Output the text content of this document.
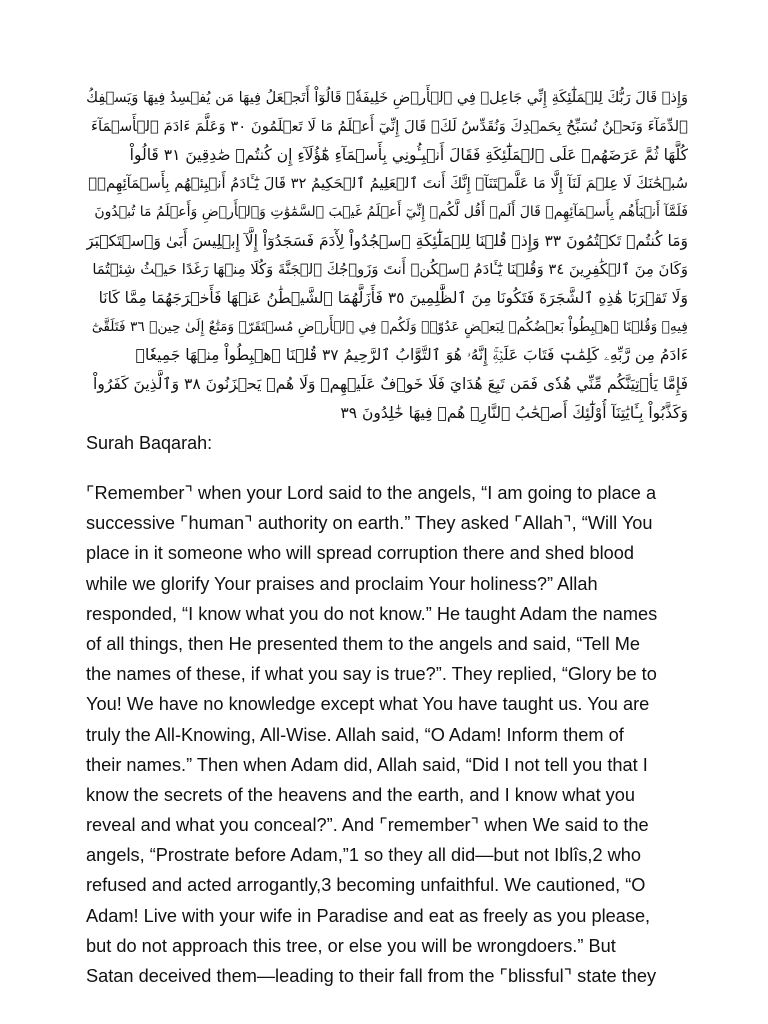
وَإِذۡ قَالَ رَبُّكَ لِلۡمَلَٰٓئِكَةِ إِنِّي جَاعِلٞ فِي ٱلۡأَرۡضِ خَلِيفَةٗۖ قَالُوٓاْ أَتَجۡعَلُ فِيهَا مَن يُفۡسِدُ فِيهَا وَيَسۡفِكُ
ٱلدِّمَآءَ وَنَحۡنُ نُسَبِّحُ بِحَمۡدِكَ وَنُقَدِّسُ لَكَۖ قَالَ إِنِّيٓ أَعۡلَمُ مَا لَا تَعۡلَمُونَ ٣٠ وَعَلَّمَ ءَادَمَ ٱلۡأَسۡمَآءَ
كُلَّهَا ثُمَّ عَرَضَهُمۡ عَلَى ٱلۡمَلَٰٓئِكَةِ فَقَالَ أَنۢبِـُٔونِي بِأَسۡمَآءِ هَٰٓؤُلَآءِ إِن كُنتُمۡ صَٰدِقِينَ ٣١ قَالُواْ
سُبۡحَٰنَكَ لَا عِلۡمَ لَنَآ إِلَّا مَا عَلَّمۡتَنَآۖ إِنَّكَ أَنتَ ٱلۡعَلِيمُ ٱلۡحَكِيمُ ٣٢ قَالَ يَٰٓـَٔادَمُ أَنۢبِئۡهُم بِأَسۡمَآئِهِمۡۖ
فَلَمَّآ أَنۢبَأَهُم بِأَسۡمَآئِهِمۡ قَالَ أَلَمۡ أَقُل لَّكُمۡ إِنِّيٓ أَعۡلَمُ غَيۡبَ ٱلسَّمَٰوَٰتِ وَٱلۡأَرۡضِ وَأَعۡلَمُ مَا تُبۡدُونَ
وَمَا كُنتُمۡ تَكۡتُمُونَ ٣٣ وَإِذۡ قُلۡنَا لِلۡمَلَٰٓئِكَةِ ٱسۡجُدُواْ لِأٓدَمَ فَسَجَدُوٓاْ إِلَّآ إِبۡلِيسَ أَبَىٰ وَٱسۡتَكۡبَرَ
وَكَانَ مِنَ ٱلۡكَٰفِرِينَ ٣٤ وَقُلۡنَا يَٰٓـَٔادَمُ ٱسۡكُنۡ أَنتَ وَزَوۡجُكَ ٱلۡجَنَّةَ وَكُلَا مِنۡهَا رَغَدًا حَيۡثُ شِئۡتُمَا
وَلَا تَقۡرَبَا هَٰذِهِ ٱلشَّجَرَةَ فَتَكُونَا مِنَ ٱلظَّٰلِمِينَ ٣٥ فَأَزَلَّهُمَا ٱلشَّيۡطَٰنُ عَنۡهَا فَأَخۡرَجَهُمَا مِمَّا كَانَا
فِيهِۖ وَقُلۡنَا ٱهۡبِطُواْ بَعۡضُكُمۡ لِبَعۡضٍ عَدُوّٞۖ وَلَكُمۡ فِي ٱلۡأَرۡضِ مُسۡتَقَرّٞ وَمَتَٰعٌ إِلَىٰ حِينٖ ٣٦ فَتَلَقَّىٰٓ
ءَادَمُ مِن رَّبِّهِۦ كَلِمَٰتٖ فَتَابَ عَلَيۡهِۚ إِنَّهُۥ هُوَ ٱلتَّوَّابُ ٱلرَّحِيمُ ٣٧ قُلۡنَا ٱهۡبِطُواْ مِنۡهَا جَمِيعٗاۖ
فَإِمَّا يَأۡتِيَنَّكُم مِّنِّي هُدٗى فَمَن تَبِعَ هُدَايَ فَلَا خَوۡفٌ عَلَيۡهِمۡ وَلَا هُمۡ يَحۡزَنُونَ ٣٨ وَٱلَّذِينَ كَفَرُواْ
وَكَذَّبُواْ بِـَٔايَٰتِنَآ أُوْلَٰٓئِكَ أَصۡحَٰبُ ٱلنَّارِۖ هُمۡ فِيهَا خَٰلِدُونَ ٣٩
Surah Baqarah:
⌜Remember⌝ when your Lord said to the angels, “I am going to place a
successive ⌜human⌝ authority on earth.” They asked ⌜Allah⌝, “Will You
place in it someone who will spread corruption there and shed blood
while we glorify Your praises and proclaim Your holiness?” Allah
responded, “I know what you do not know.” He taught Adam the names
of all things, then He presented them to the angels and said, “Tell Me
the names of these, if what you say is true?”. They replied, “Glory be to
You! We have no knowledge except what You have taught us. You are
truly the All-Knowing, All-Wise. Allah said, “O Adam! Inform them of
their names.” Then when Adam did, Allah said, “Did I not tell you that I
know the secrets of the heavens and the earth, and I know what you
reveal and what you conceal?”. And ⌜remember⌝ when We said to the
angels, “Prostrate before Adam,”1 so they all did—but not Iblîs,2 who
refused and acted arrogantly,3 becoming unfaithful. We cautioned, “O
Adam! Live with your wife in Paradise and eat as freely as you please,
but do not approach this tree, or else you will be wrongdoers.” But
Satan deceived them—leading to their fall from the ⌜blissful⌝ state they
